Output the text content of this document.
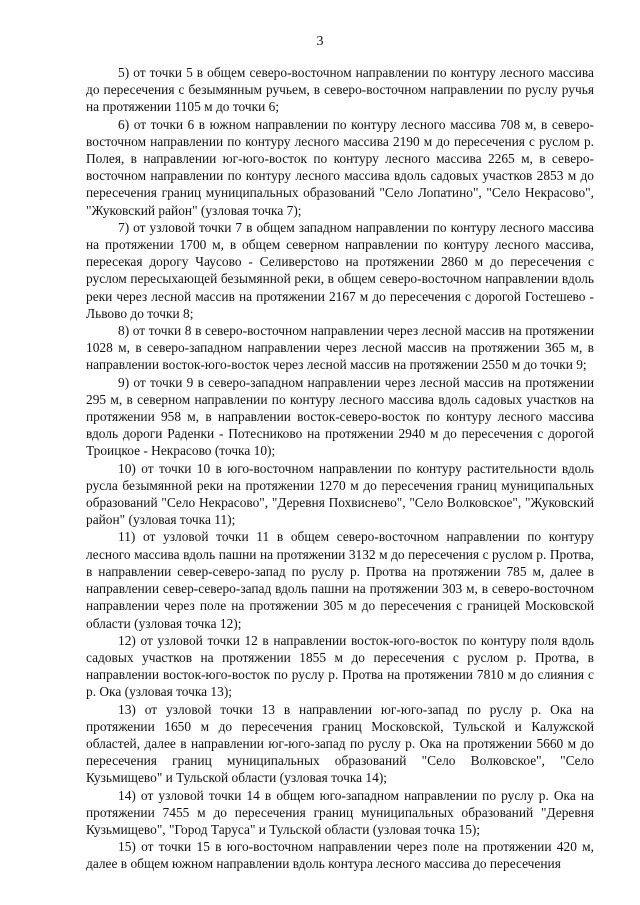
3

5) от точки 5 в общем северо-восточном направлении по контуру лесного массива до пересечения с безымянным ручьем, в северо-восточном направлении по руслу ручья на протяжении 1105 м до точки 6;

6) от точки 6 в южном направлении по контуру лесного массива 708 м, в северо-восточном направлении по контуру лесного массива 2190 м до пересечения с руслом р. Полея, в направлении юг-юго-восток по контуру лесного массива 2265 м, в северо-восточном направлении по контуру лесного массива вдоль садовых участков 2853 м до пересечения границ муниципальных образований "Село Лопатино", "Село Некрасово", "Жуковский район" (узловая точка 7);

7) от узловой точки 7 в общем западном направлении по контуру лесного массива на протяжении 1700 м, в общем северном направлении по контуру лесного массива, пересекая дорогу Чаусово - Селиверстово на протяжении 2860 м до пересечения с руслом пересыхающей безымянной реки, в общем северо-восточном направлении вдоль реки через лесной массив на протяжении 2167 м до пересечения с дорогой Гостешево - Львово до точки 8;

8) от точки 8 в северо-восточном направлении через лесной массив на протяжении 1028 м, в северо-западном направлении через лесной массив на протяжении 365 м, в направлении восток-юго-восток через лесной массив на протяжении 2550 м до точки 9;

9) от точки 9 в северо-западном направлении через лесной массив на протяжении 295 м, в северном направлении по контуру лесного массива вдоль садовых участков на протяжении 958 м, в направлении восток-северо-восток по контуру лесного массива вдоль дороги Раденки - Потесниково на протяжении 2940 м до пересечения с дорогой Троицкое - Некрасово (точка 10);

10) от точки 10 в юго-восточном направлении по контуру растительности вдоль русла безымянной реки на протяжении 1270 м до пересечения границ муниципальных образований "Село Некрасово", "Деревня Похвиснево", "Село Волковское", "Жуковский район" (узловая точка 11);

11) от узловой точки 11 в общем северо-восточном направлении по контуру лесного массива вдоль пашни на протяжении 3132 м до пересечения с руслом р. Протва, в направлении север-северо-запад по руслу р. Протва на протяжении 785 м, далее в направлении север-северо-запад вдоль пашни на протяжении 303 м, в северо-восточном направлении через поле на протяжении 305 м до пересечения с границей Московской области (узловая точка 12);

12) от узловой точки 12 в направлении восток-юго-восток по контуру поля вдоль садовых участков на протяжении 1855 м до пересечения с руслом р. Протва, в направлении восток-юго-восток по руслу р. Протва на протяжении 7810 м до слияния с р. Ока (узловая точка 13);

13) от узловой точки 13 в направлении юг-юго-запад по руслу р. Ока на протяжении 1650 м до пересечения границ Московской, Тульской и Калужской областей, далее в направлении юг-юго-запад по руслу р. Ока на протяжении 5660 м до пересечения границ муниципальных образований "Село Волковское", "Село Кузьмищево" и Тульской области (узловая точка 14);

14) от узловой точки 14 в общем юго-западном направлении по руслу р. Ока на протяжении 7455 м до пересечения границ муниципальных образований "Деревня Кузьмищево", "Город Таруса" и Тульской области (узловая точка 15);

15) от точки 15 в юго-восточном направлении через поле на протяжении 420 м, далее в общем южном направлении вдоль контура лесного массива до пересечения
